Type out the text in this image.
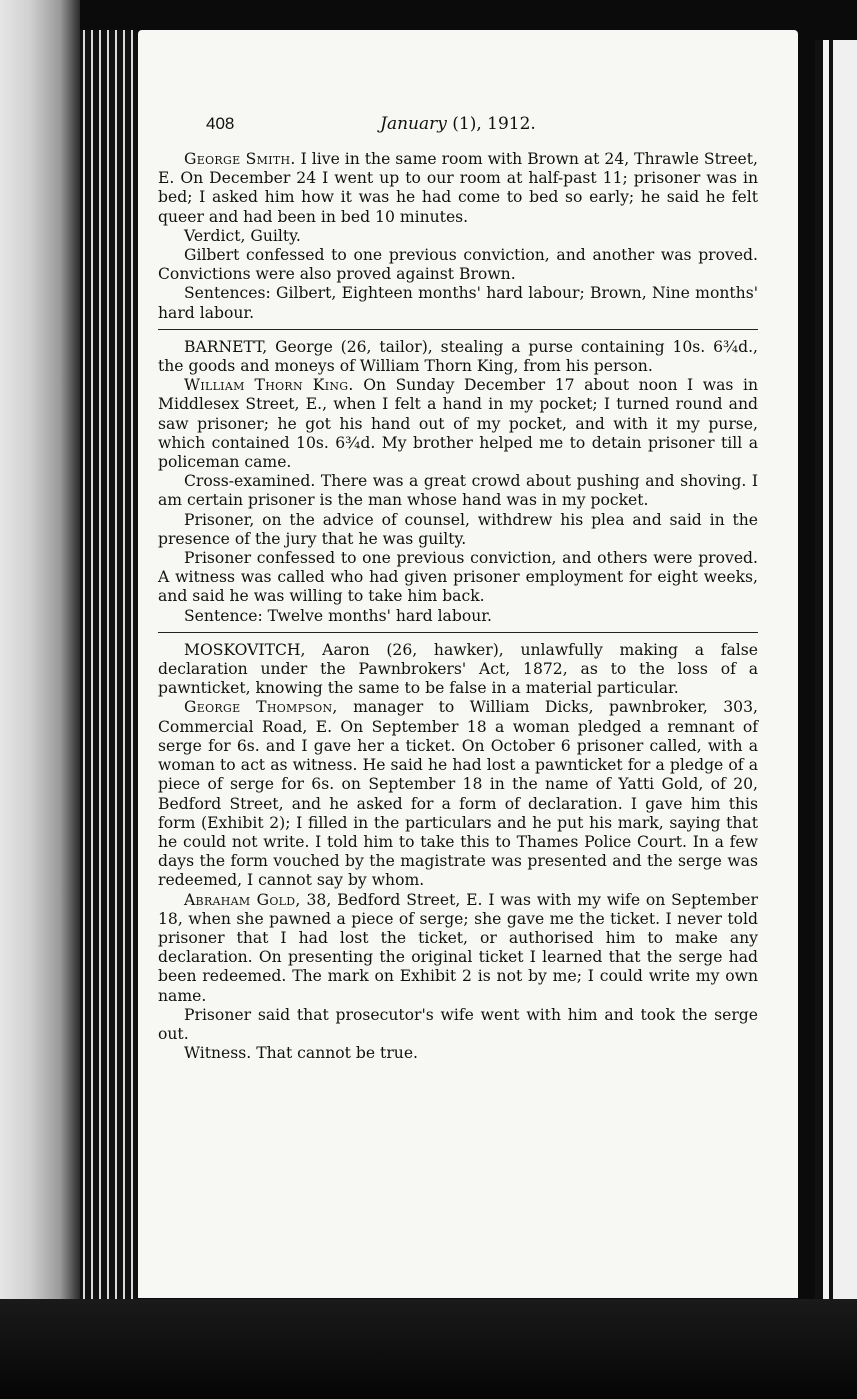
408	January (1), 1912.

George Smith. I live in the same room with Brown at 24, Thrawle Street, E. On December 24 I went up to our room at half-past 11; prisoner was in bed; I asked him how it was he had come to bed so early; he said he felt queer and had been in bed 10 minutes.

Verdict, Guilty.

Gilbert confessed to one previous conviction, and another was proved. Convictions were also proved against Brown.

Sentences: Gilbert, Eighteen months' hard labour; Brown, Nine months' hard labour.

BARNETT, George (26, tailor), stealing a purse containing 10s. 6¾d., the goods and moneys of William Thorn King, from his person.

William Thorn King. On Sunday December 17 about noon I was in Middlesex Street, E., when I felt a hand in my pocket; I turned round and saw prisoner; he got his hand out of my pocket, and with it my purse, which contained 10s. 6¾d. My brother helped me to detain prisoner till a policeman came.

Cross-examined. There was a great crowd about pushing and shoving. I am certain prisoner is the man whose hand was in my pocket.

Prisoner, on the advice of counsel, withdrew his plea and said in the presence of the jury that he was guilty.

Prisoner confessed to one previous conviction, and others were proved. A witness was called who had given prisoner employment for eight weeks, and said he was willing to take him back.

Sentence: Twelve months' hard labour.

MOSKOVITCH, Aaron (26, hawker), unlawfully making a false declaration under the Pawnbrokers' Act, 1872, as to the loss of a pawnticket, knowing the same to be false in a material particular.

George Thompson, manager to William Dicks, pawnbroker, 303, Commercial Road, E. On September 18 a woman pledged a remnant of serge for 6s. and I gave her a ticket. On October 6 prisoner called, with a woman to act as witness. He said he had lost a pawnticket for a pledge of a piece of serge for 6s. on September 18 in the name of Yatti Gold, of 20, Bedford Street, and he asked for a form of declaration. I gave him this form (Exhibit 2); I filled in the particulars and he put his mark, saying that he could not write. I told him to take this to Thames Police Court. In a few days the form vouched by the magistrate was presented and the serge was redeemed, I cannot say by whom.

Abraham Gold, 38, Bedford Street, E. I was with my wife on September 18, when she pawned a piece of serge; she gave me the ticket. I never told prisoner that I had lost the ticket, or authorised him to make any declaration. On presenting the original ticket I learned that the serge had been redeemed. The mark on Exhibit 2 is not by me; I could write my own name.

Prisoner said that prosecutor's wife went with him and took the serge out.

Witness. That cannot be true.
